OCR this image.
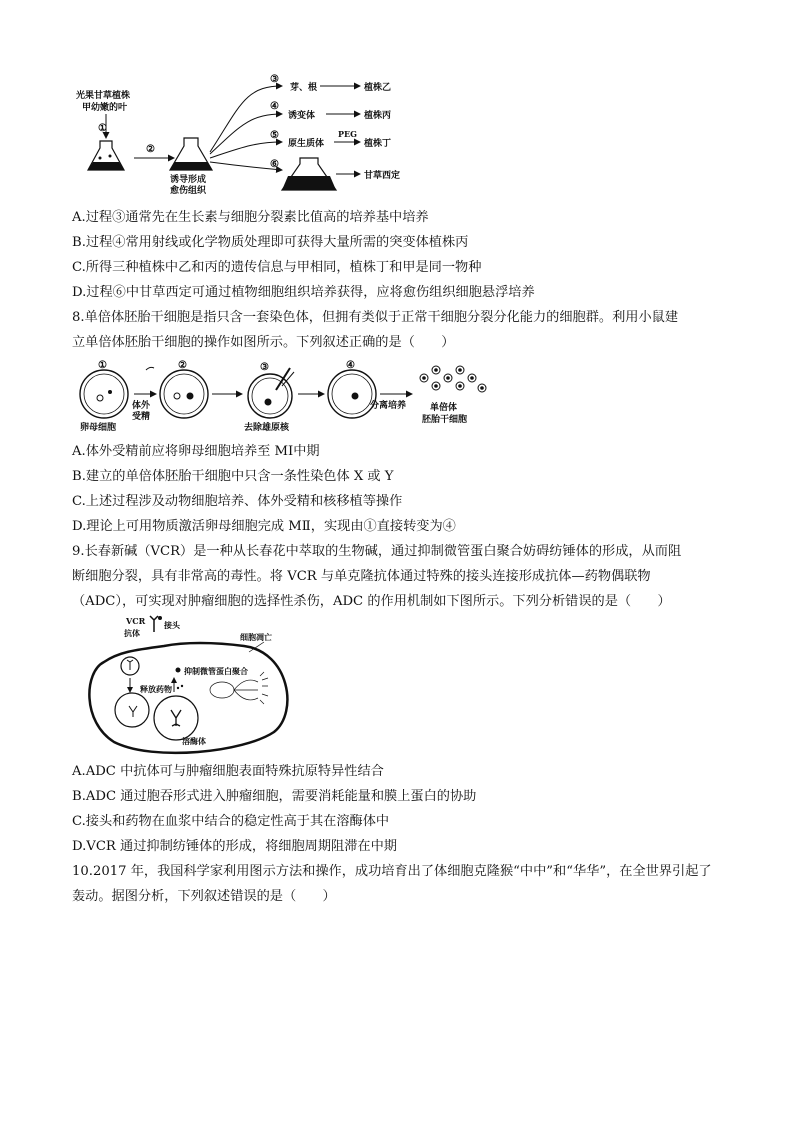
光果甘草植株
甲幼嫩的叶
①
②
诱导形成
愈伤组织
③
④
⑤
⑥
芽、根
诱变体
原生质体
PEG
植株乙
植株丙
植株丁
甘草西定
A.过程③通常先在生长素与细胞分裂素比值高的培养基中培养
B.过程④常用射线或化学物质处理即可获得大量所需的突变体植株丙
C.所得三种植株中乙和丙的遗传信息与甲相同，植株丁和甲是同一物种
D.过程⑥中甘草西定可通过植物细胞组织培养获得，应将愈伤组织细胞悬浮培养
8.单倍体胚胎干细胞是指只含一套染色体，但拥有类似于正常干细胞分裂分化能力的细胞群。利用小鼠建
立单倍体胚胎干细胞的操作如图所示。下列叙述正确的是（　　）
①
卵母细胞
体外
受精
②	③
去除雄原核
④
分离培养	单倍体
胚胎干细胞
A.体外受精前应将卵母细胞培养至 MⅠ中期
B.建立的单倍体胚胎干细胞中只含一条性染色体 X 或 Y
C.上述过程涉及动物细胞培养、体外受精和核移植等操作
D.理论上可用物质激活卵母细胞完成 MⅡ，实现由①直接转变为④
9.长春新碱（VCR）是一种从长春花中萃取的生物碱，通过抑制微管蛋白聚合妨碍纺锤体的形成，从而阻
断细胞分裂，具有非常高的毒性。将 VCR 与单克隆抗体通过特殊的接头连接形成抗体—药物偶联物
（ADC），可实现对肿瘤细胞的选择性杀伤，ADC 的作用机制如下图所示。下列分析错误的是（　　）
VCR 接头
抗体	细胞凋亡
溶酶体
释放药物
抑制微管蛋白聚合
A.ADC 中抗体可与肿瘤细胞表面特殊抗原特异性结合
B.ADC 通过胞吞形式进入肿瘤细胞，需要消耗能量和膜上蛋白的协助
C.接头和药物在血浆中结合的稳定性高于其在溶酶体中
D.VCR 通过抑制纺锤体的形成，将细胞周期阻滞在中期
10.2017 年，我国科学家利用图示方法和操作，成功培育出了体细胞克隆猴“中中”和“华华”，在全世界引起了轰动。据图分析，下列叙述错误的是（　　）
